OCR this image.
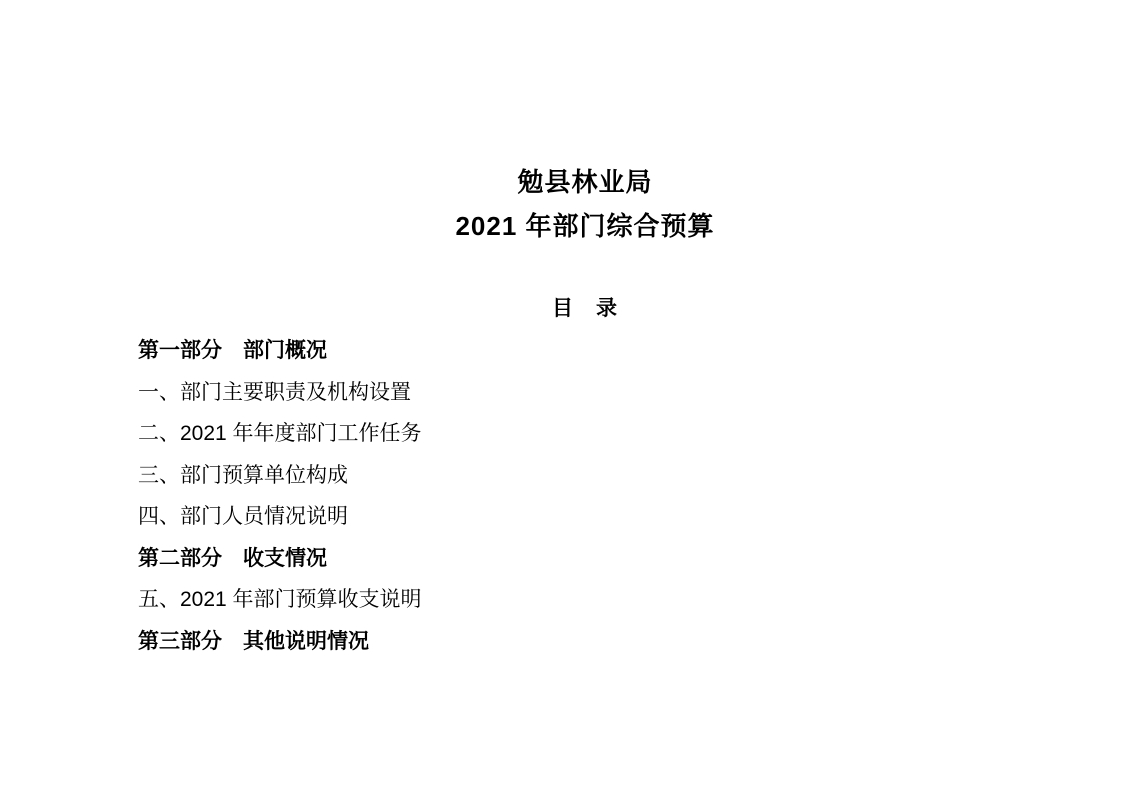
勉县林业局
2021 年部门综合预算
目　录
第一部分　部门概况
一、部门主要职责及机构设置
二、2021 年年度部门工作任务
三、部门预算单位构成
四、部门人员情况说明
第二部分　收支情况
五、2021 年部门预算收支说明
第三部分　其他说明情况
